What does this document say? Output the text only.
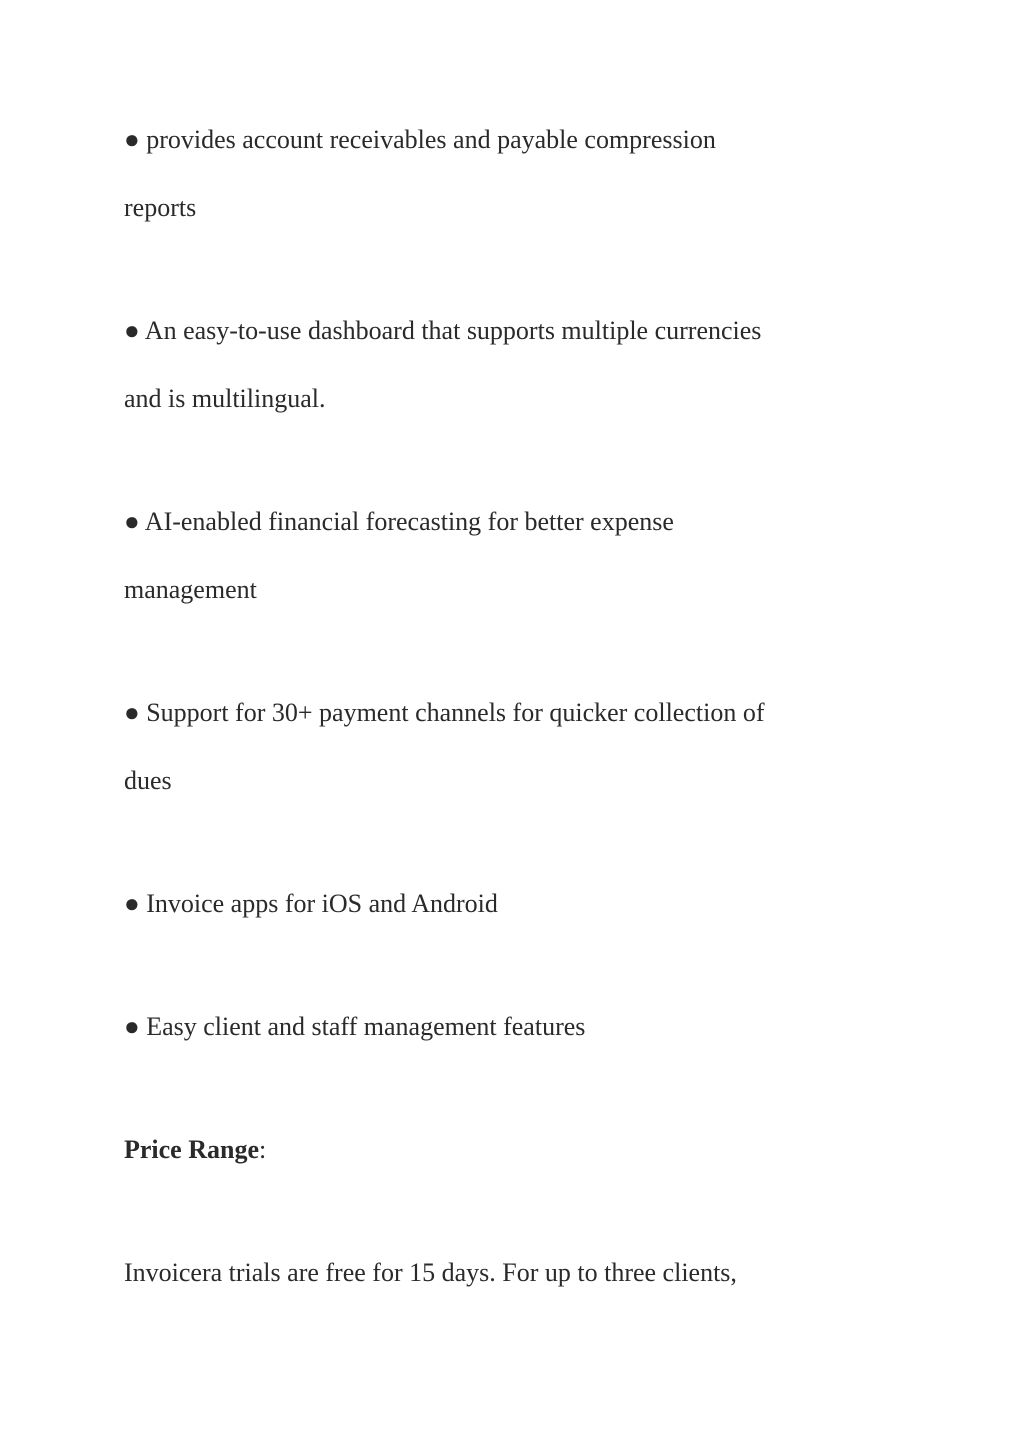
● provides account receivables and payable compression
reports
● An easy-to-use dashboard that supports multiple currencies
and is multilingual.
● AI-enabled financial forecasting for better expense
management
● Support for 30+ payment channels for quicker collection of
dues
● Invoice apps for iOS and Android
● Easy client and staff management features
Price Range:
Invoicera trials are free for 15 days. For up to three clients,
